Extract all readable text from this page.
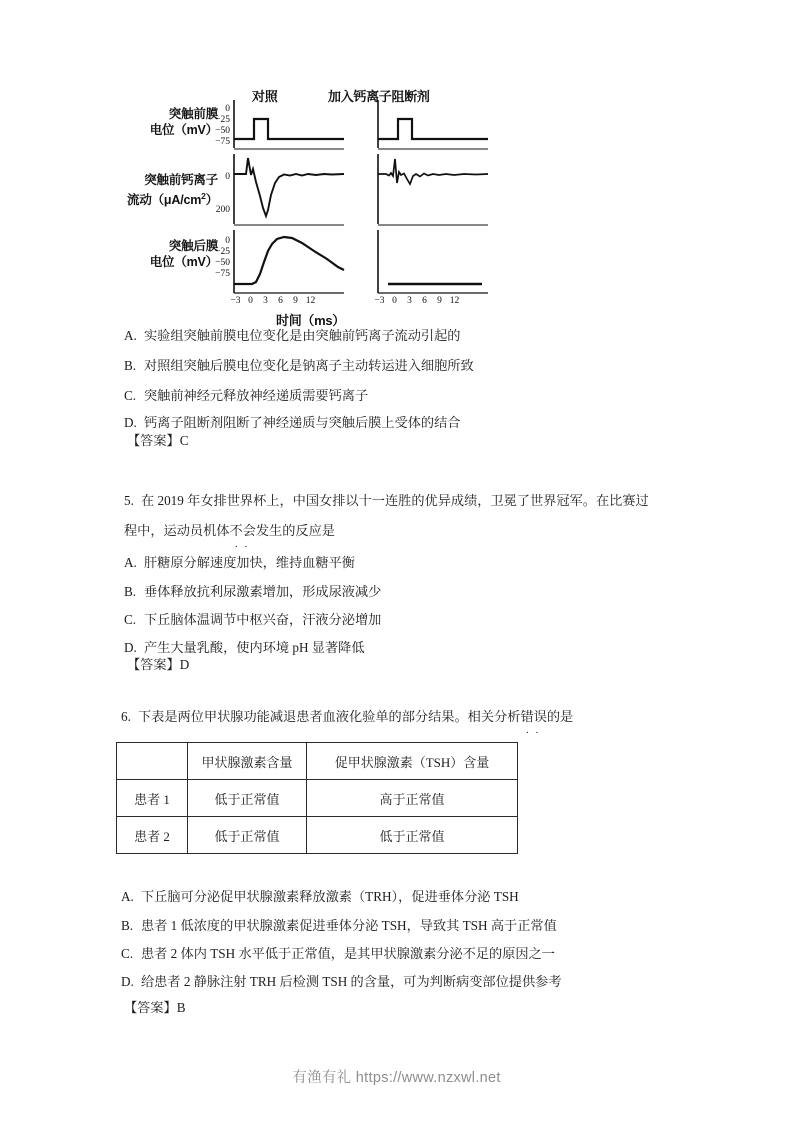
对照	加入钙离子阻断剂
突触前膜
电位（mV）
0
−25
−50
−75
突触前钙离子
流动$(\mu A/cm^2)$
0
200
突触后膜
电位（mV）
0
−25
−50
−75
−3 0 3 6 9 12	−3 0 3 6 9 12
时间（ms）
A. 实验组突触前膜电位变化是由突触前钙离子流动引起的
B. 对照组突触后膜电位变化是钠离子主动转运进入细胞所致
C. 突触前神经元释放神经递质需要钙离子
D. 钙离子阻断剂阻断了神经递质与突触后膜上受体的结合
【答案】C
5. 在 2019 年女排世界杯上，中国女排以十一连胜的优异成绩，卫冕了世界冠军。在比赛过
程中，运动员机体不会 ··发生的反应是
A. 肝糖原分解速度加快，维持血糖平衡
B. 垂体释放抗利尿激素增加，形成尿液减少
C. 下丘脑体温调节中枢兴奋，汗液分泌增加
D. 产生大量乳酸，使内环境 pH 显著降低
【答案】D
6. 下表是两位甲状腺功能减退患者血液化验单的部分结果。相关分析错误 ··的是
	甲状腺激素含量	促甲状腺激素（TSH）含量
患者 1	低于正常值	高于正常值
患者 2	低于正常值	低于正常值
A. 下丘脑可分泌促甲状腺激素释放激素（TRH），促进垂体分泌 TSH
B. 患者 1 低浓度的甲状腺激素促进垂体分泌 TSH，导致其 TSH 高于正常值
C. 患者 2 体内 TSH 水平低于正常值，是其甲状腺激素分泌不足的原因之一
D. 给患者 2 静脉注射 TRH 后检测 TSH 的含量，可为判断病变部位提供参考
【答案】B
有渔有礼 https://www.nzxwl.net
